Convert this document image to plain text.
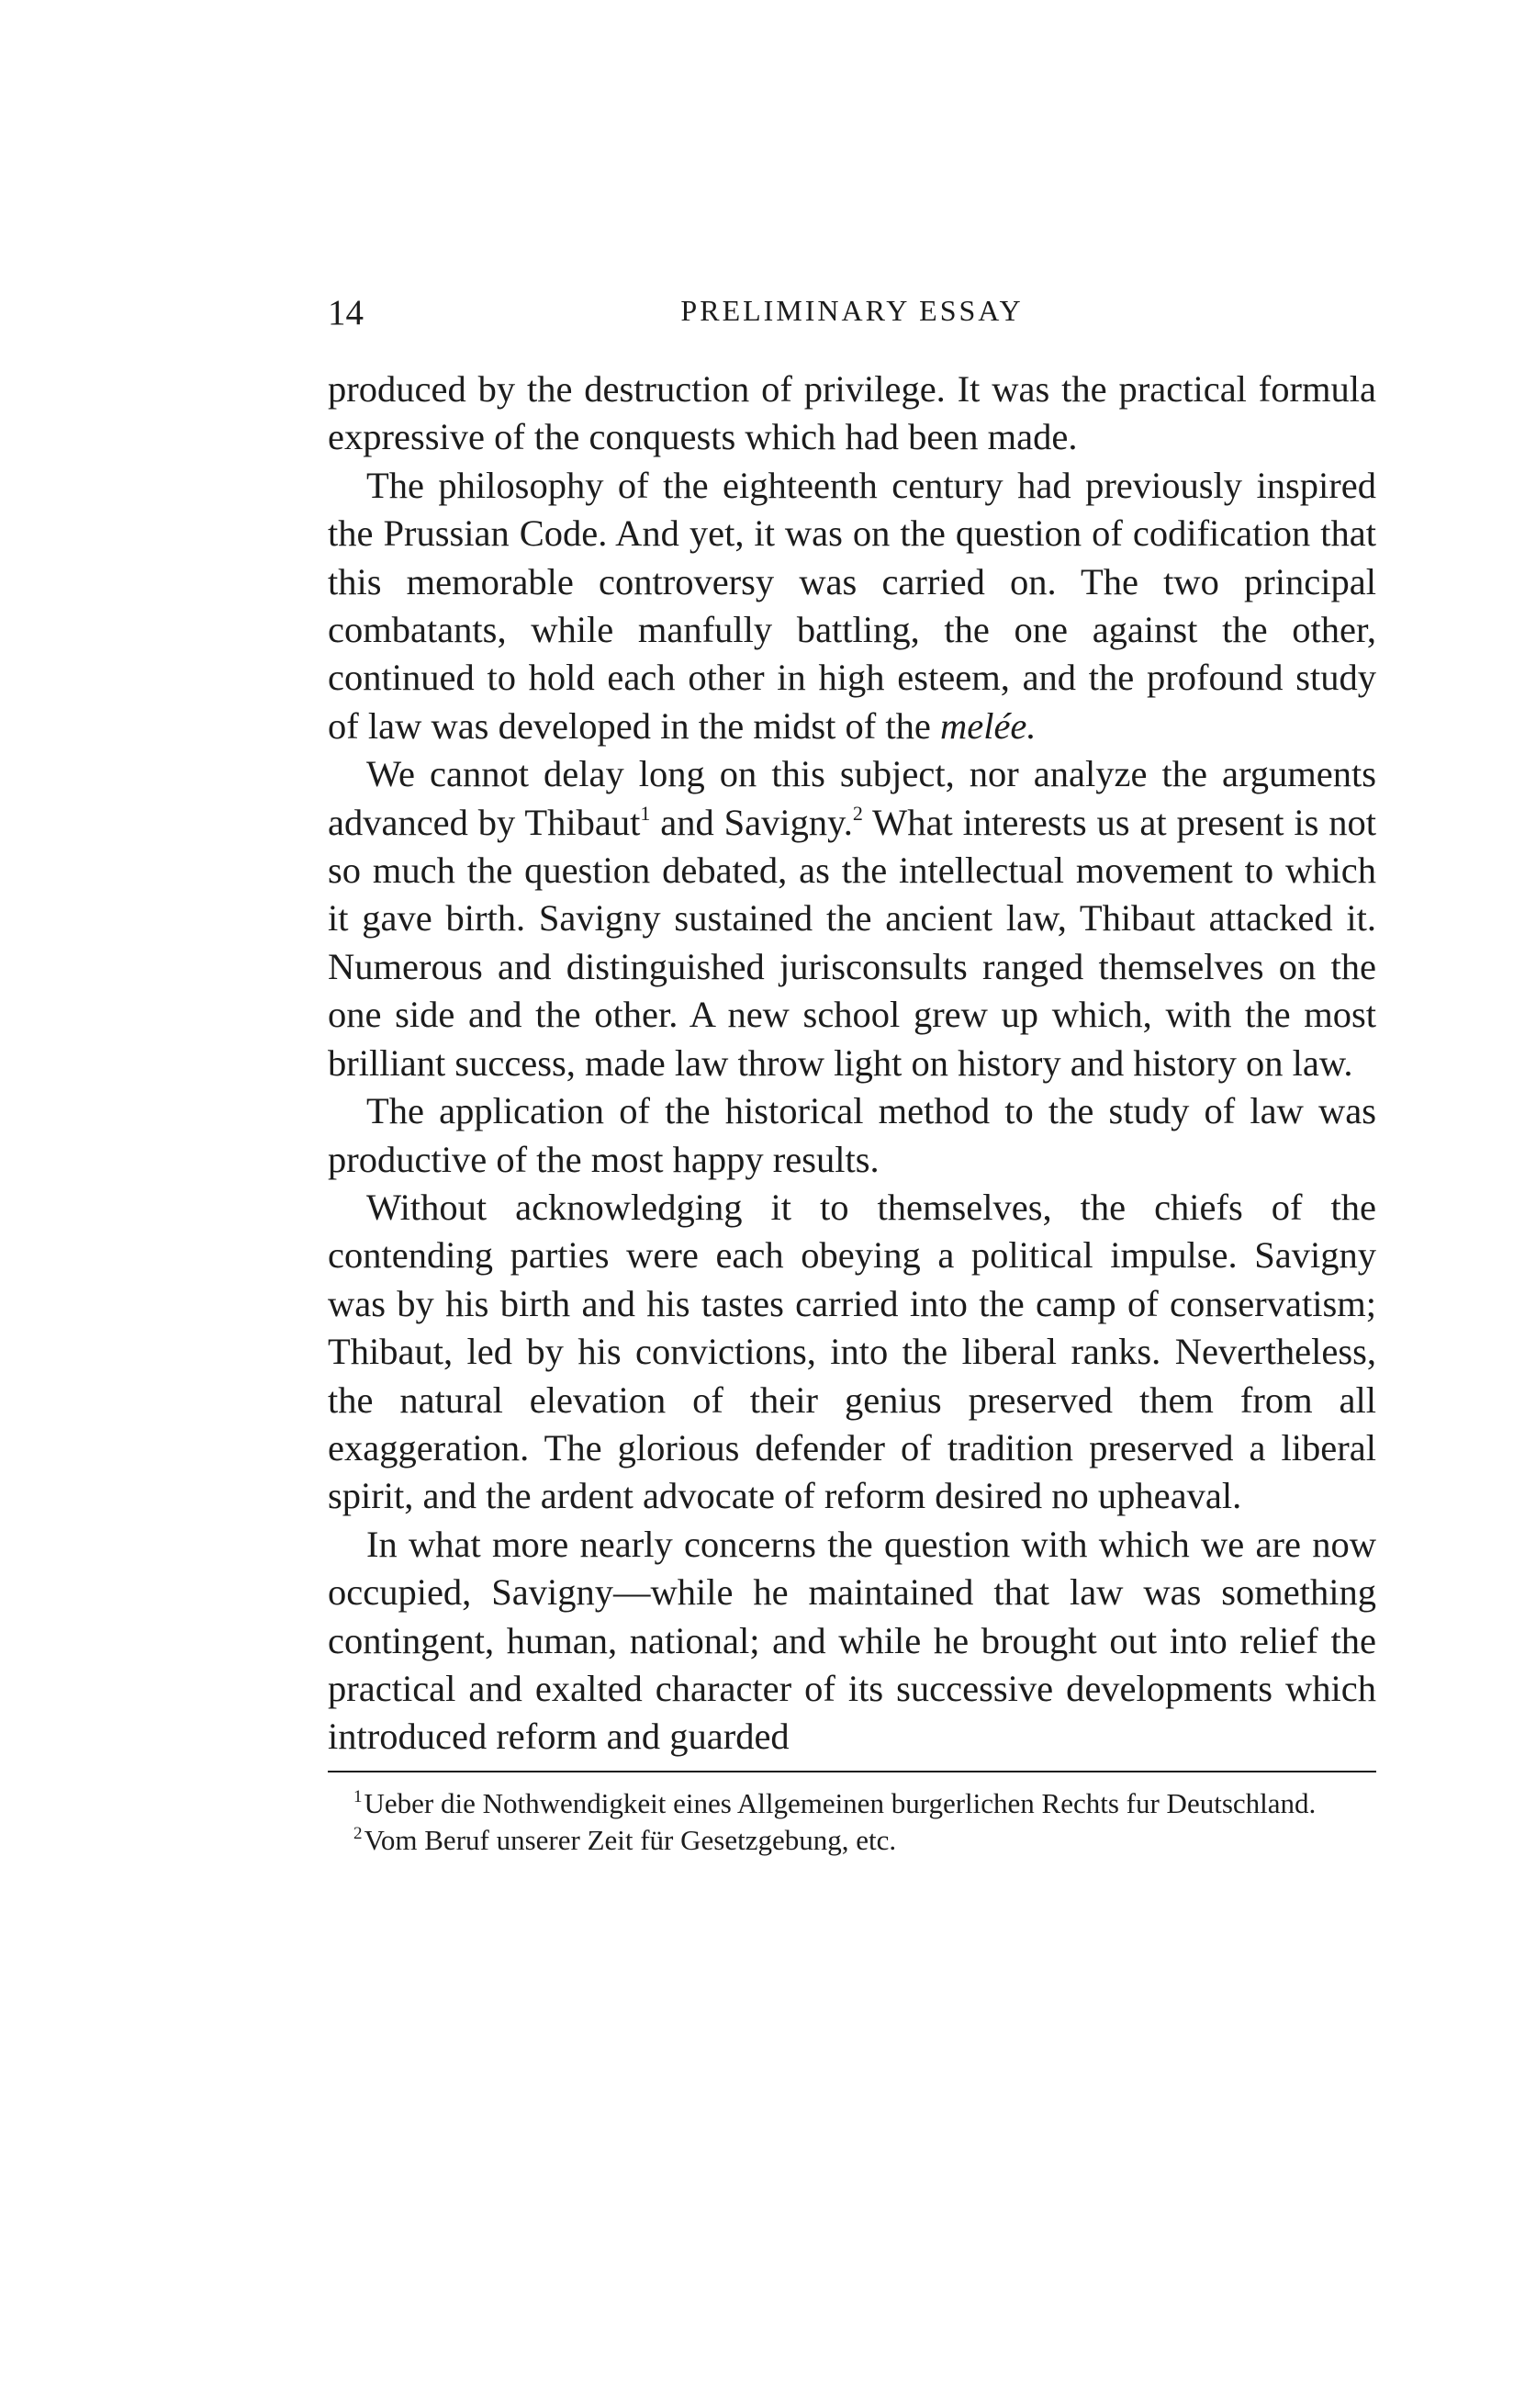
14	PRELIMINARY ESSAY

produced by the destruction of privilege. It was the practical formula expressive of the conquests which had been made.

The philosophy of the eighteenth century had previously inspired the Prussian Code. And yet, it was on the question of codification that this memorable controversy was carried on. The two principal combatants, while manfully battling, the one against the other, continued to hold each other in high esteem, and the profound study of law was developed in the midst of the melée.

We cannot delay long on this subject, nor analyze the arguments advanced by Thibaut$^1$ and Savigny.$^2$ What interests us at present is not so much the question debated, as the intellectual movement to which it gave birth. Savigny sustained the ancient law, Thibaut attacked it. Numerous and distinguished jurisconsults ranged themselves on the one side and the other. A new school grew up which, with the most brilliant success, made law throw light on history and history on law.

The application of the historical method to the study of law was productive of the most happy results.

Without acknowledging it to themselves, the chiefs of the contending parties were each obeying a political impulse. Savigny was by his birth and his tastes carried into the camp of conservatism; Thibaut, led by his convictions, into the liberal ranks. Nevertheless, the natural elevation of their genius preserved them from all exaggeration. The glorious defender of tradition preserved a liberal spirit, and the ardent advocate of reform desired no upheaval.

In what more nearly concerns the question with which we are now occupied, Savigny—while he maintained that law was something contingent, human, national; and while he brought out into relief the practical and exalted character of its successive developments which introduced reform and guarded

$^1$Ueber die Nothwendigkeit eines Allgemeinen burgerlichen Rechts fur Deutschland.

$^2$Vom Beruf unserer Zeit für Gesetzgebung, etc.
